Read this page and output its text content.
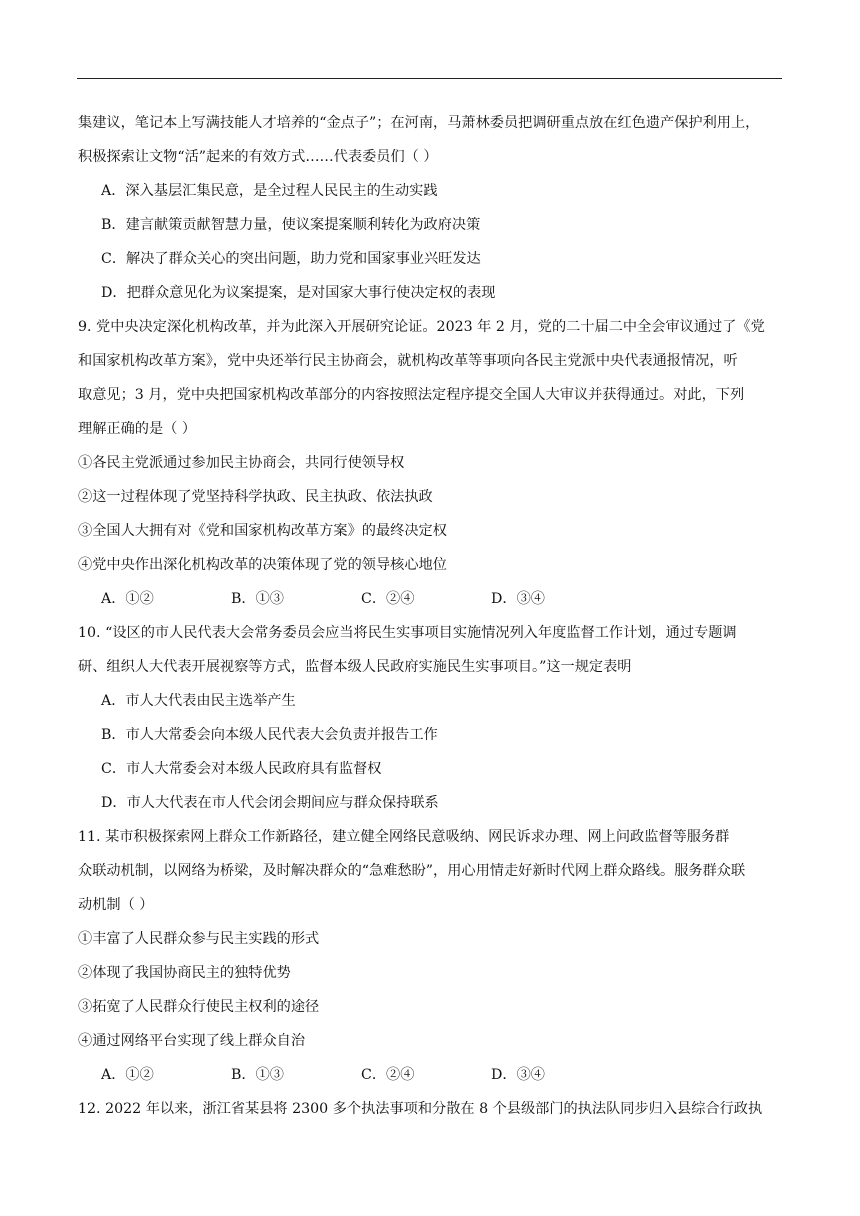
集建议，笔记本上写满技能人才培养的“金点子”；在河南，马萧林委员把调研重点放在红色遗产保护利用上，
积极探索让文物“活”起来的有效方式……代表委员们（ ）
A．深入基层汇集民意，是全过程人民民主的生动实践
B．建言献策贡献智慧力量，使议案提案顺利转化为政府决策
C．解决了群众关心的突出问题，助力党和国家事业兴旺发达
D．把群众意见化为议案提案，是对国家大事行使决定权的表现
9. 党中央决定深化机构改革，并为此深入开展研究论证。2023 年 2 月，党的二十届二中全会审议通过了《党
和国家机构改革方案》，党中央还举行民主协商会，就机构改革等事项向各民主党派中央代表通报情况，听
取意见；3 月，党中央把国家机构改革部分的内容按照法定程序提交全国人大审议并获得通过。对此，下列
理解正确的是（ ）
①各民主党派通过参加民主协商会，共同行使领导权
②这一过程体现了党坚持科学执政、民主执政、依法执政
③全国人大拥有对《党和国家机构改革方案》的最终决定权
④党中央作出深化机构改革的决策体现了党的领导核心地位
A．①②	B．①③	C．②④	D．③④
10. “设区的市人民代表大会常务委员会应当将民生实事项目实施情况列入年度监督工作计划，通过专题调
研、组织人大代表开展视察等方式，监督本级人民政府实施民生实事项目。”这一规定表明
A．市人大代表由民主选举产生
B．市人大常委会向本级人民代表大会负责并报告工作
C．市人大常委会对本级人民政府具有监督权
D．市人大代表在市人代会闭会期间应与群众保持联系
11. 某市积极探索网上群众工作新路径，建立健全网络民意吸纳、网民诉求办理、网上问政监督等服务群
众联动机制，以网络为桥梁，及时解决群众的“急难愁盼”，用心用情走好新时代网上群众路线。服务群众联
动机制（ ）
①丰富了人民群众参与民主实践的形式
②体现了我国协商民主的独特优势
③拓宽了人民群众行使民主权利的途径
④通过网络平台实现了线上群众自治
A．①②	B．①③	C．②④	D．③④
12. 2022 年以来，浙江省某县将 2300 多个执法事项和分散在 8 个县级部门的执法队同步归入县综合行政执
